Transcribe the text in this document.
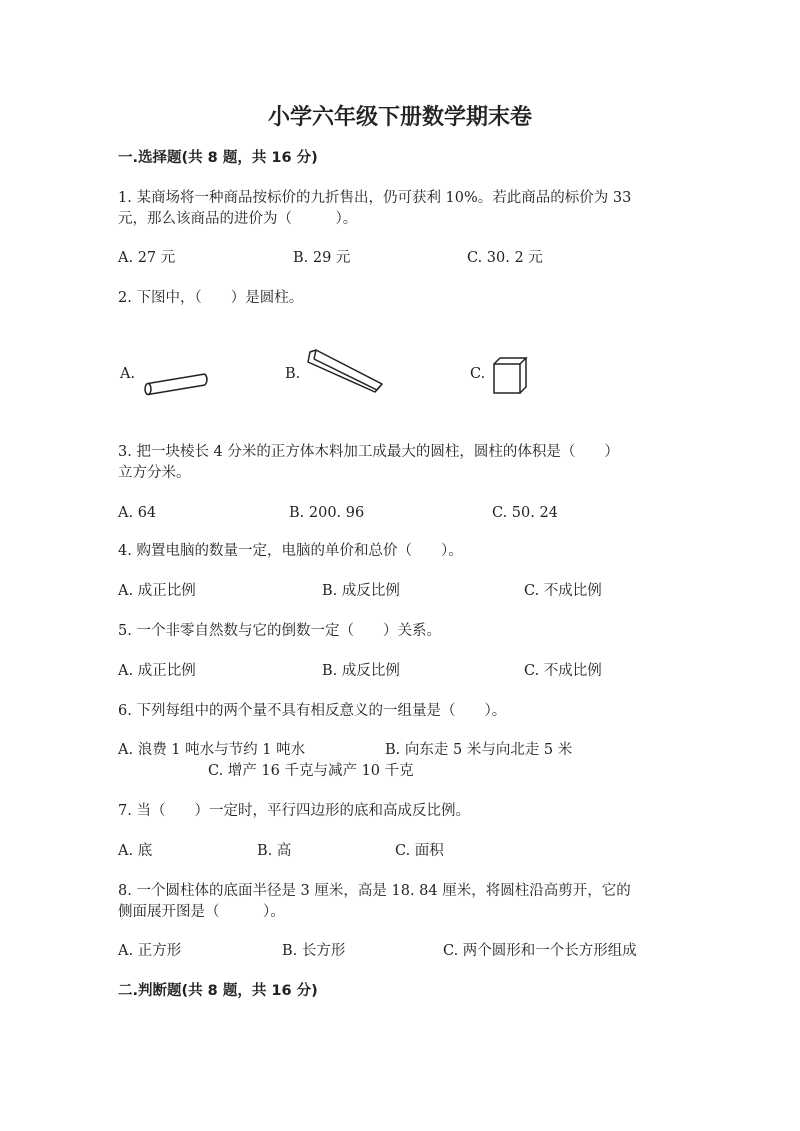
小学六年级下册数学期末卷
一.选择题(共 8 题，共 16 分)
1. 某商场将一种商品按标价的九折售出，仍可获利 10%。若此商品的标价为 33
元，那么该商品的进价为（　　　）。
A. 27 元	B. 29 元	C. 30. 2 元
2. 下图中，（　　）是圆柱。
A.	B.	C.
3. 把一块棱长 4 分米的正方体木料加工成最大的圆柱，圆柱的体积是（　　）
立方分米。
A. 64	B. 200. 96	C. 50. 24
4. 购置电脑的数量一定，电脑的单价和总价（　　）。
A. 成正比例	B. 成反比例	C. 不成比例
5. 一个非零自然数与它的倒数一定（　　）关系。
A. 成正比例	B. 成反比例	C. 不成比例
6. 下列每组中的两个量不具有相反意义的一组量是（　　）。
A. 浪费 1 吨水与节约 1 吨水	B. 向东走 5 米与向北走 5 米
C. 增产 16 千克与减产 10 千克
7. 当（　　）一定时，平行四边形的底和高成反比例。
A. 底	B. 高	C. 面积
8. 一个圆柱体的底面半径是 3 厘米，高是 18. 84 厘米，将圆柱沿高剪开，它的
侧面展开图是（　　　）。
A. 正方形	B. 长方形	C. 两个圆形和一个长方形组成
二.判断题(共 8 题，共 16 分)
